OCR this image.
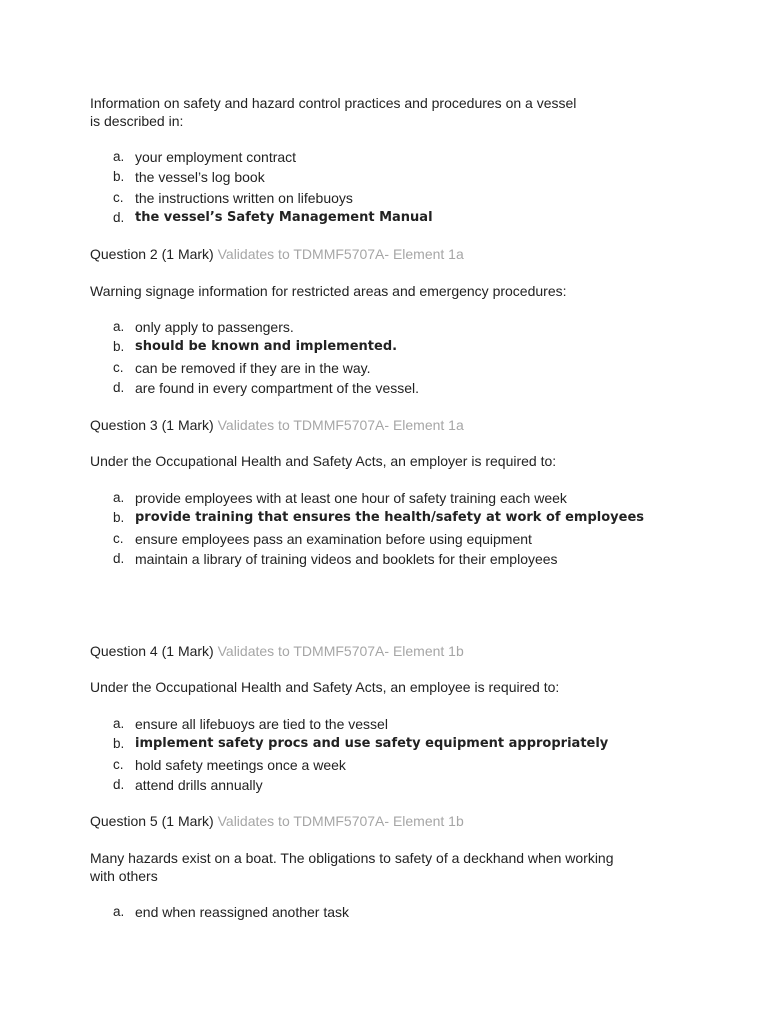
Information on safety and hazard control practices and procedures on a vessel
is described in:

a. your employment contract
b. the vessel’s log book
c. the instructions written on lifebuoys
d. the vessel’s Safety Management Manual

Question 2 (1 Mark) Validates to TDMMF5707A- Element 1a

Warning signage information for restricted areas and emergency procedures:

a. only apply to passengers.
b. should be known and implemented.
c. can be removed if they are in the way.
d. are found in every compartment of the vessel.

Question 3 (1 Mark) Validates to TDMMF5707A- Element 1a

Under the Occupational Health and Safety Acts, an employer is required to:

a. provide employees with at least one hour of safety training each week
b. provide training that ensures the health/safety at work of employees
c. ensure employees pass an examination before using equipment
d. maintain a library of training videos and booklets for their employees

Question 4 (1 Mark) Validates to TDMMF5707A- Element 1b

Under the Occupational Health and Safety Acts, an employee is required to:

a. ensure all lifebuoys are tied to the vessel
b. implement safety procs and use safety equipment appropriately
c. hold safety meetings once a week
d. attend drills annually

Question 5 (1 Mark) Validates to TDMMF5707A- Element 1b

Many hazards exist on a boat. The obligations to safety of a deckhand when working
with others

a. end when reassigned another task
